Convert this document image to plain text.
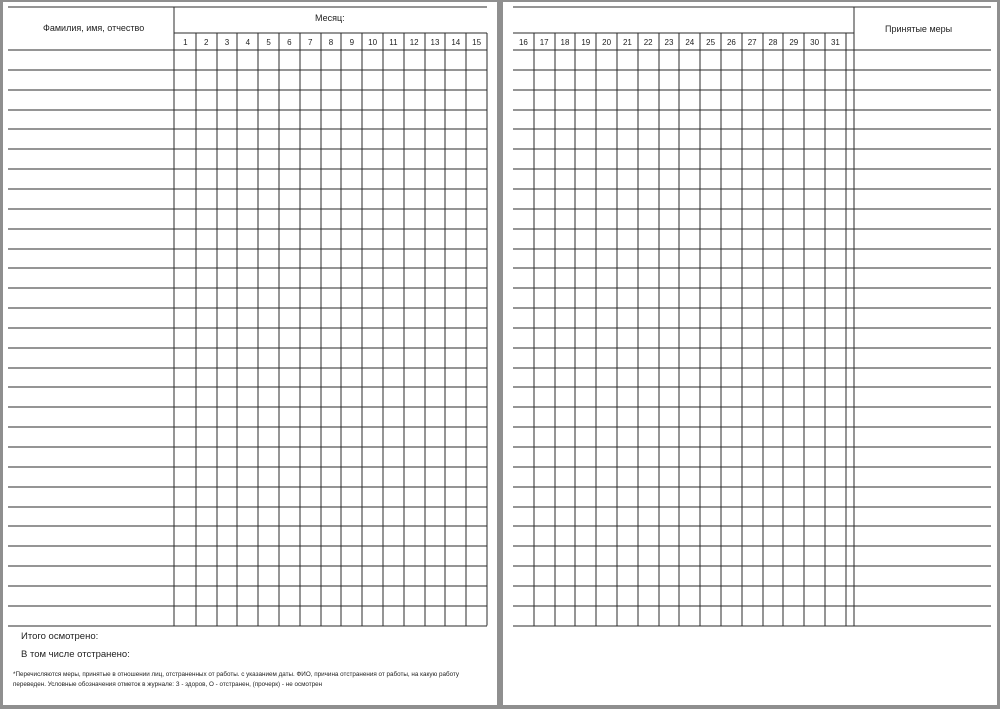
Фамилия, имя, отчество
Месяц:
1	2	3	4	5	6	7	8	9	10	11	12	13	14	15
Итого осмотрено:
В том числе отстранено:
*Перечисляются меры, принятые в отношении лиц, отстраненных от работы. с указанием даты. ФИО, причина отстранения от работы, на какую работу переведен. Условные обозначения отметок в журнале: З - здоров, О - отстранен, (прочерк) - не осмотрен
Принятые меры
16	17	18	19	20	21	22	23	24	25	26	27	28	29	30	31
